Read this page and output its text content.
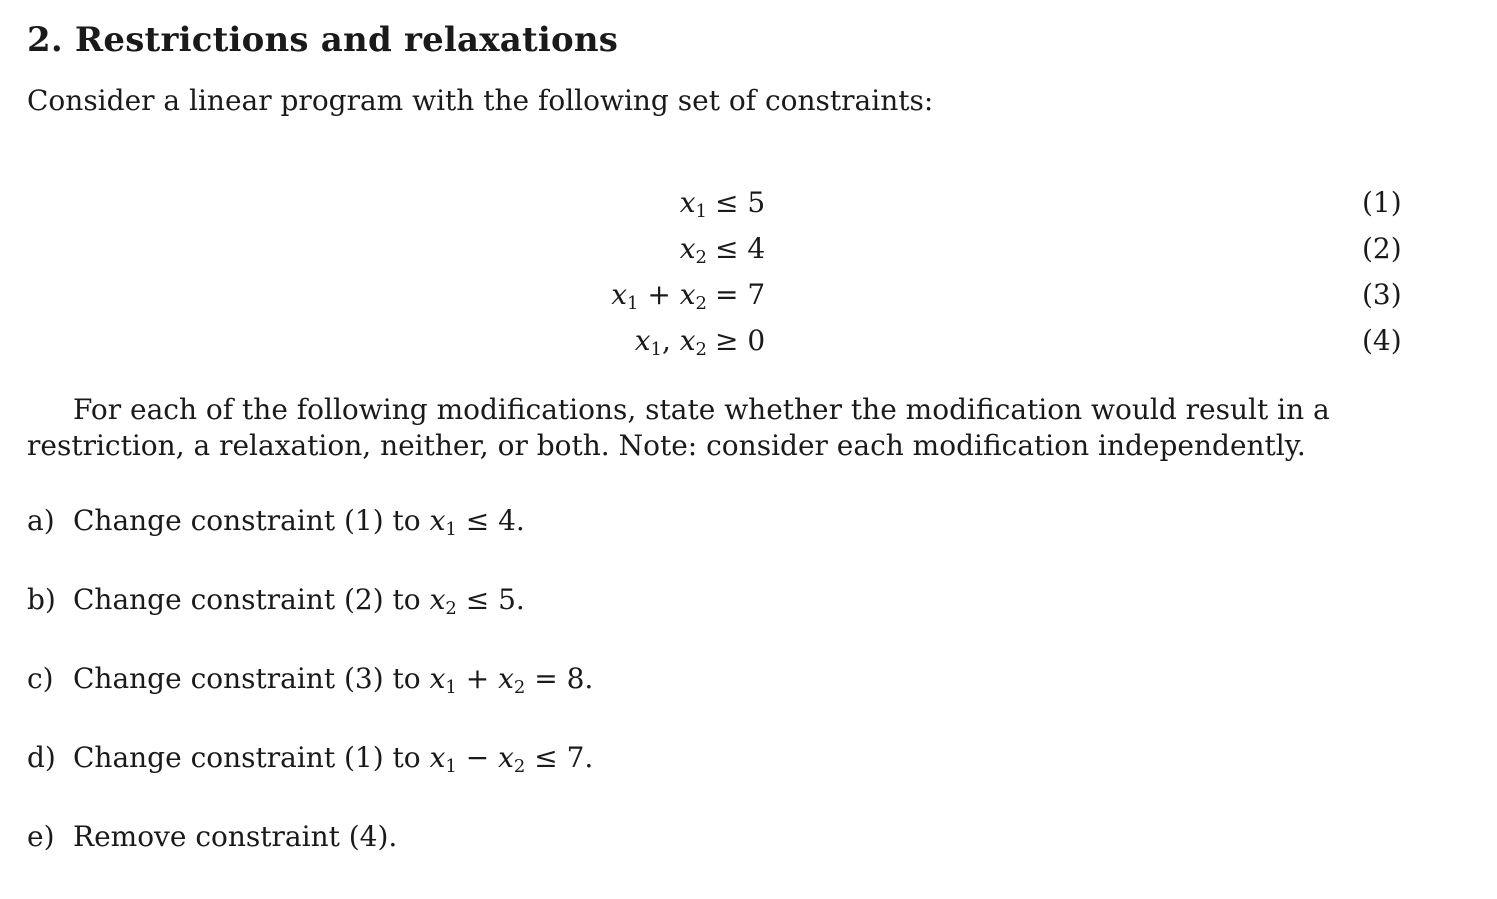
2. Restrictions and relaxations
Consider a linear program with the following set of constraints:
$x_1 \le 5$	(1)
$x_2 \le 4$	(2)
$x_1 + x_2 = 7$	(3)
$x_1$, $x_2 \ge 0$	(4)
For each of the following modifications, state whether the modification would result in a restriction, a relaxation, neither, or both. Note: consider each modification independently.
a) Change constraint (1) to $x_1 \le 4$.
b) Change constraint (2) to $x_2 \le 5$.
c) Change constraint (3) to $x_1 + x_2 = 8$.
d) Change constraint (1) to $x_1 - x_2 \le 7$.
e) Remove constraint (4).
